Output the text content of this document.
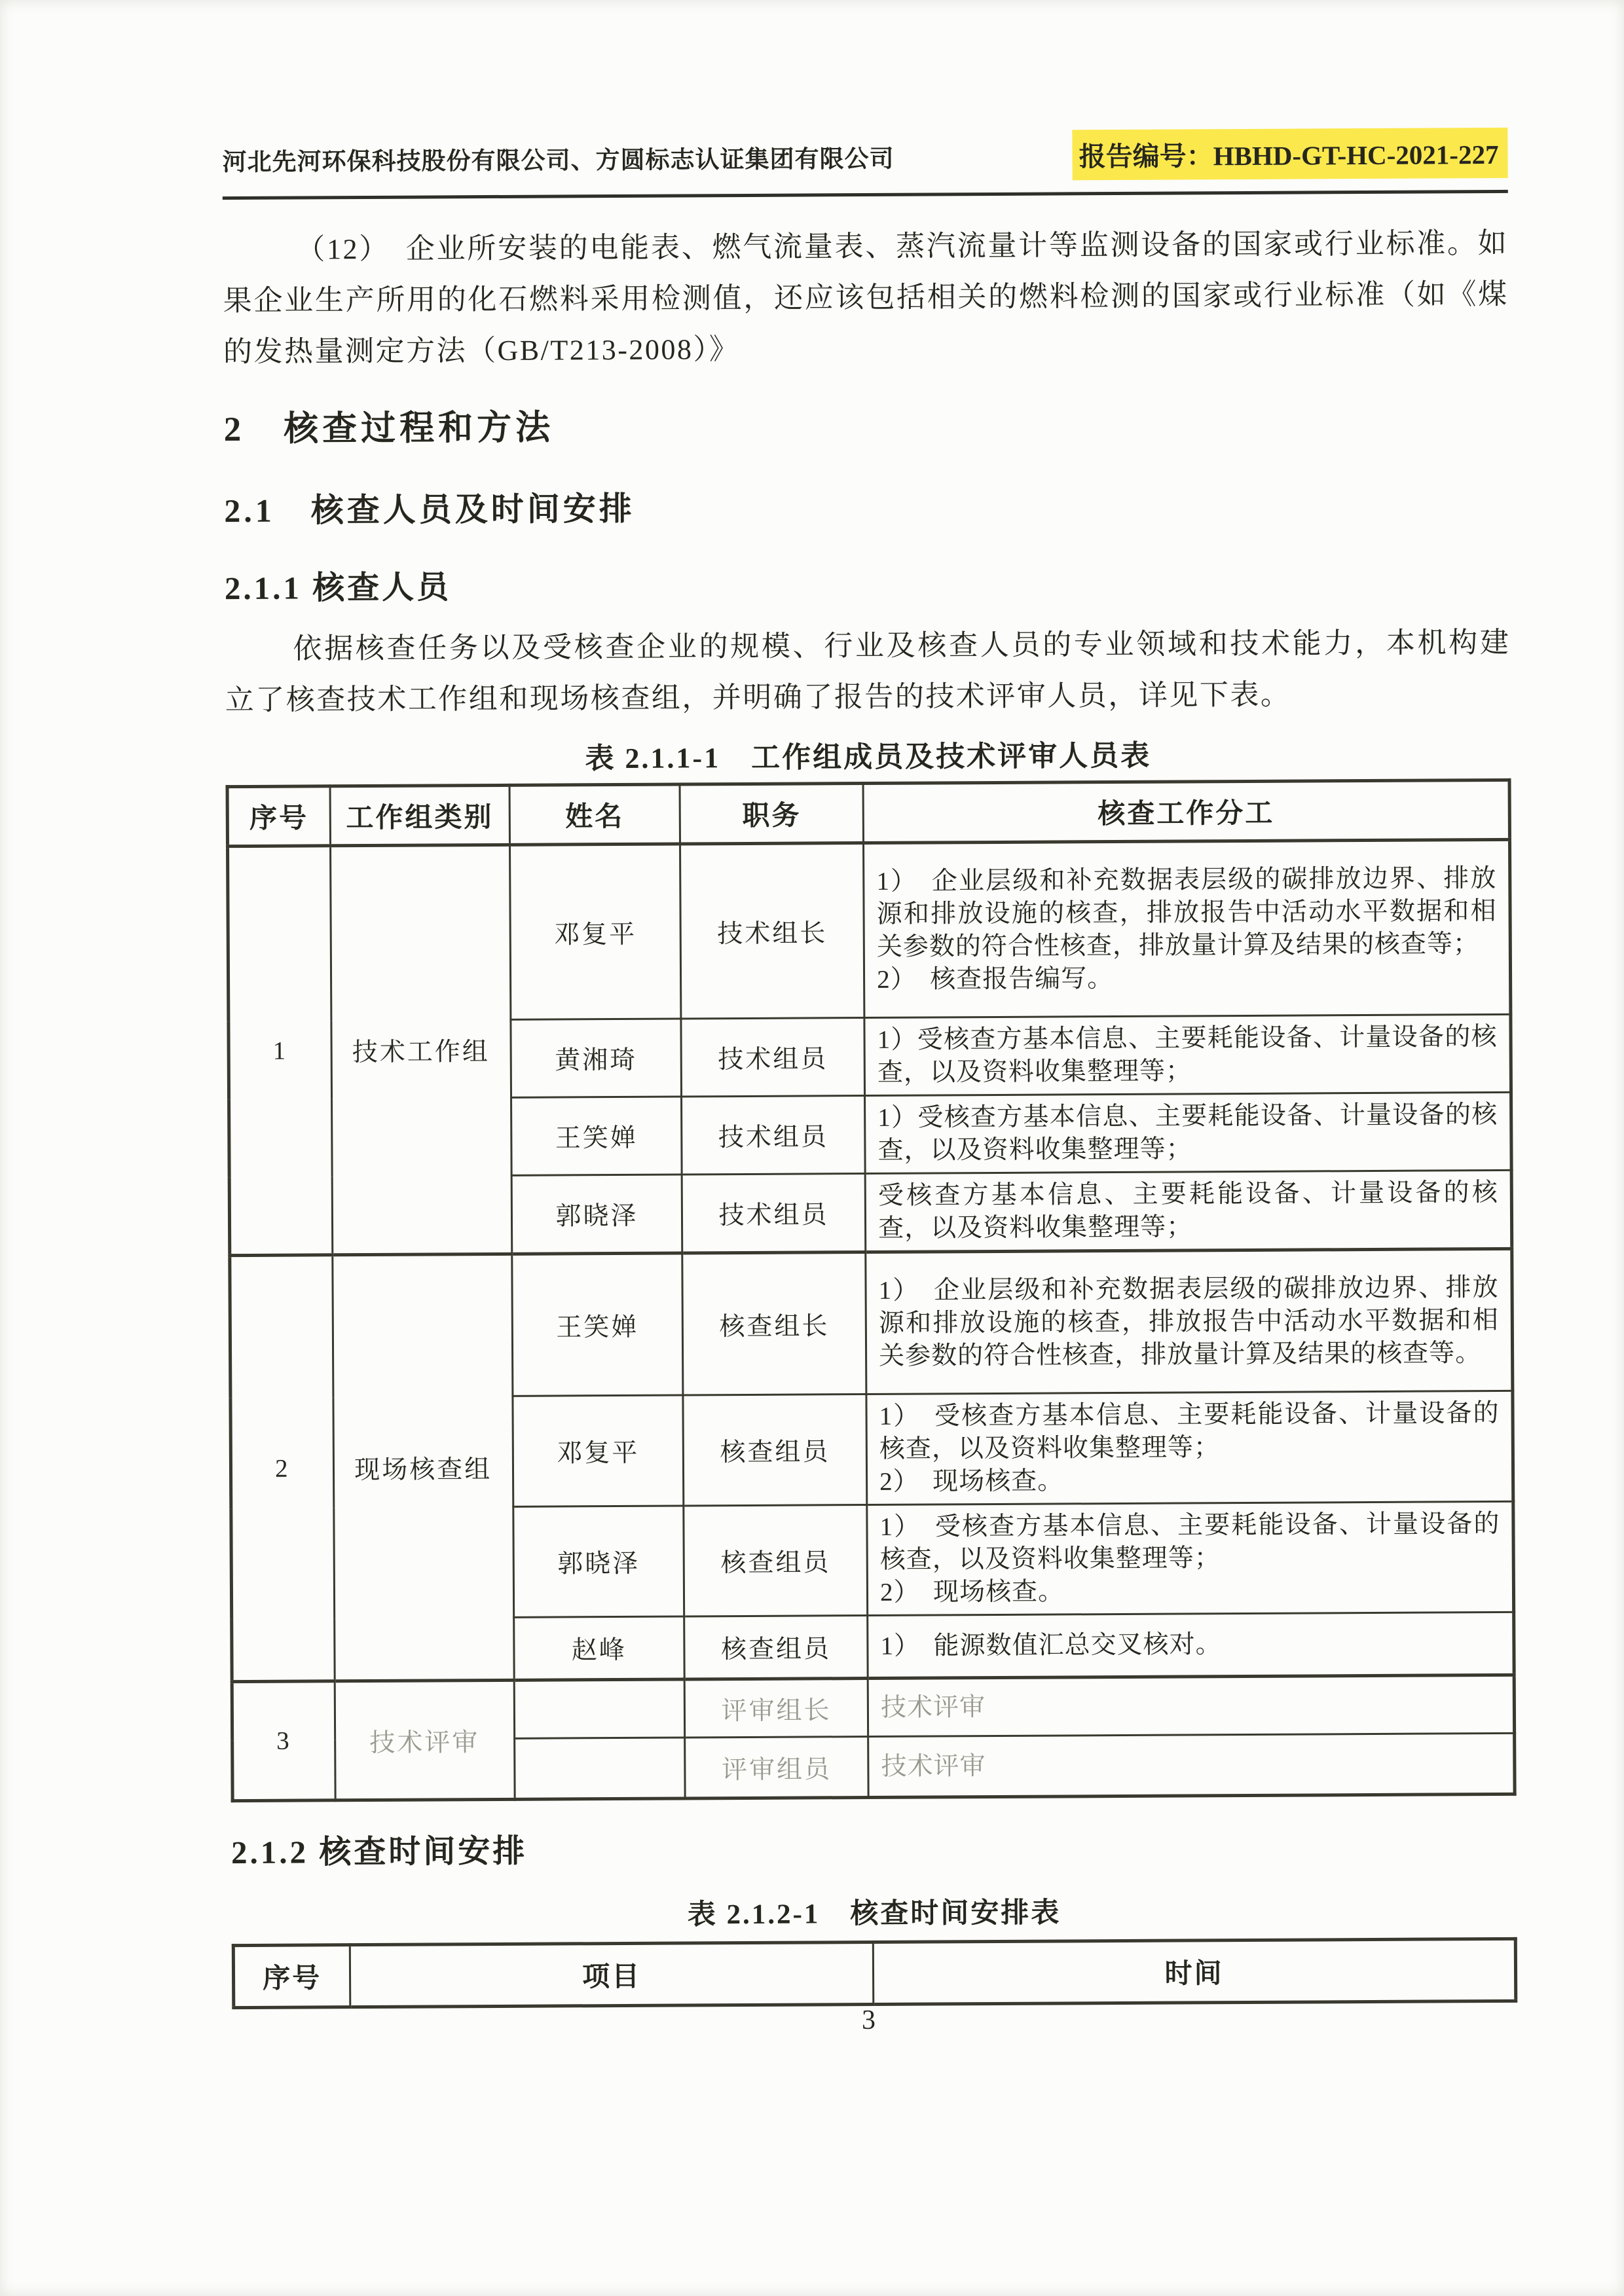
河北先河环保科技股份有限公司、方圆标志认证集团有限公司	报告编号：HBHD-GT-HC-2021-227

（12）　企业所安装的电能表、燃气流量表、蒸汽流量计等监测设备的国家或行业标准。如果企业生产所用的化石燃料采用检测值，还应该包括相关的燃料检测的国家或行业标准（如《煤的发热量测定方法（GB/T213-2008）》

2　核查过程和方法
2.1　核查人员及时间安排
2.1.1 核查人员

依据核查任务以及受核查企业的规模、行业及核查人员的专业领域和技术能力，本机构建立了核查技术工作组和现场核查组，并明确了报告的技术评审人员，详见下表。

表 2.1.1-1　工作组成员及技术评审人员表
序号	工作组类别	姓名	职务	核查工作分工
1	技术工作组	邓复平	技术组长	1）　企业层级和补充数据表层级的碳排放边界、排放源和排放设施的核查，排放报告中活动水平数据和相关参数的符合性核查，排放量计算及结果的核查等；
2）　核查报告编写。
		黄湘琦	技术组员	1）受核查方基本信息、主要耗能设备、计量设备的核查，以及资料收集整理等；
		王笑婵	技术组员	1）受核查方基本信息、主要耗能设备、计量设备的核查，以及资料收集整理等；
		郭晓泽	技术组员	受核查方基本信息、主要耗能设备、计量设备的核查，以及资料收集整理等；
2	现场核查组	王笑婵	核查组长	1）　企业层级和补充数据表层级的碳排放边界、排放源和排放设施的核查，排放报告中活动水平数据和相关参数的符合性核查，排放量计算及结果的核查等。
		邓复平	核查组员	1）　受核查方基本信息、主要耗能设备、计量设备的核查，以及资料收集整理等；
2）　现场核查。
		郭晓泽	核查组员	1）　受核查方基本信息、主要耗能设备、计量设备的核查，以及资料收集整理等；
2）　现场核查。
		赵峰	核查组员	1）　能源数值汇总交叉核对。
3	技术评审		评审组长	技术评审
			评审组员	技术评审
2.1.2 核查时间安排
表 2.1.2-1　核查时间安排表
序号	项目	时间
3
